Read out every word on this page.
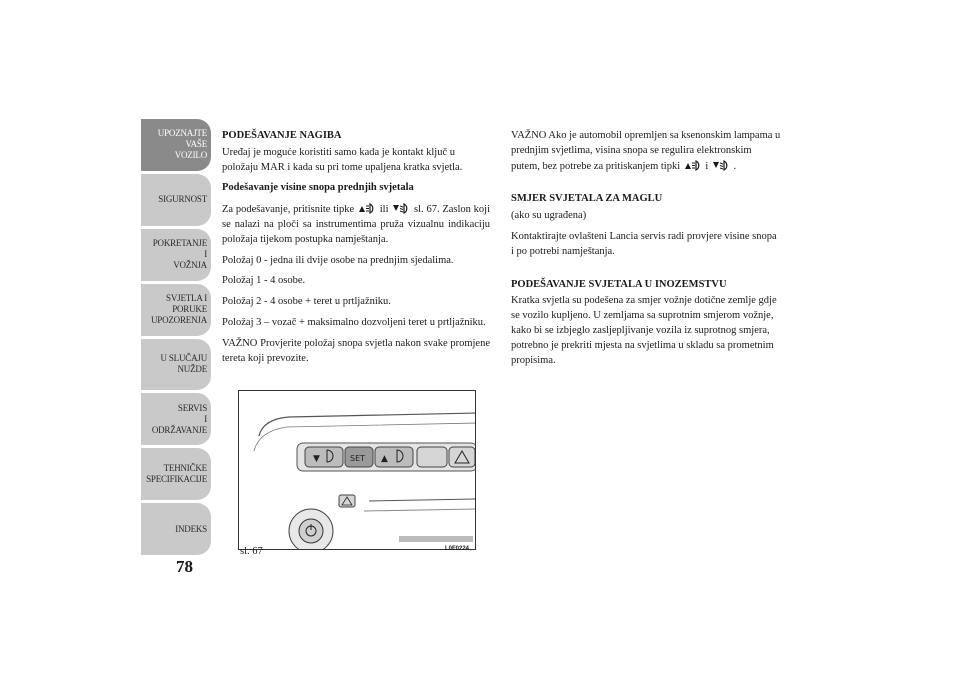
UPOZNAJTE
VAŠE
VOZILO
SIGURNOST
POKRETANJE
I
VOŽNJA
SVJETLA I
PORUKE
UPOZORENJA
U SLUČAJU
NUŽDE
SERVIS
I
ODRŽAVANJE
TEHNIČKE
SPECIFIKACIJE
INDEKS
78

PODEŠAVANJE NAGIBA

Uređaj je moguće koristiti samo kada je kontakt ključ u položaju MAR i kada su pri tome upaljena kratka svjetla.

Podešavanje visine snopa prednjih svjetala

Za podešavanje, pritisnite tipke ili sl. 67. Zaslon koji se nalazi na ploči sa instrumentima pruža vizualnu indikaciju položaja tijekom postupka namještanja.

Položaj 0 - jedna ili dvije osobe na prednjim sjedalima.

Položaj 1 - 4 osobe.

Položaj 2 - 4 osobe + teret u prtljažniku.

Položaj 3 – vozač + maksimalno dozvoljeni teret u prtljažniku.

VAŽNO Provjerite položaj snopa svjetla nakon svake promjene tereta koji prevozite.

VAŽNO Ako je automobil opremljen sa ksenonskim lampama u prednjim svjetlima, visina snopa se regulira elektronskim putem, bez potrebe za pritiskanjem tipki i .

SMJER SVJETALA ZA MAGLU

(ako su ugrađena)

Kontaktirajte ovlašteni Lancia servis radi provjere visine snopa i po potrebi namještanja.

PODEŠAVANJE SVJETALA U INOZEMSTVU

Kratka svjetla su podešena za smjer vožnje dotične zemlje gdje se vozilo kupljeno. U zemljama sa suprotnim smjerom vožnje, kako bi se izbjeglo zasljepljivanje vozila iz suprotnog smjera, potrebno je prekriti mjesta na svjetlima u skladu sa prometnim propisima.

▼	SET ▲
sl. 67	L0F0224
